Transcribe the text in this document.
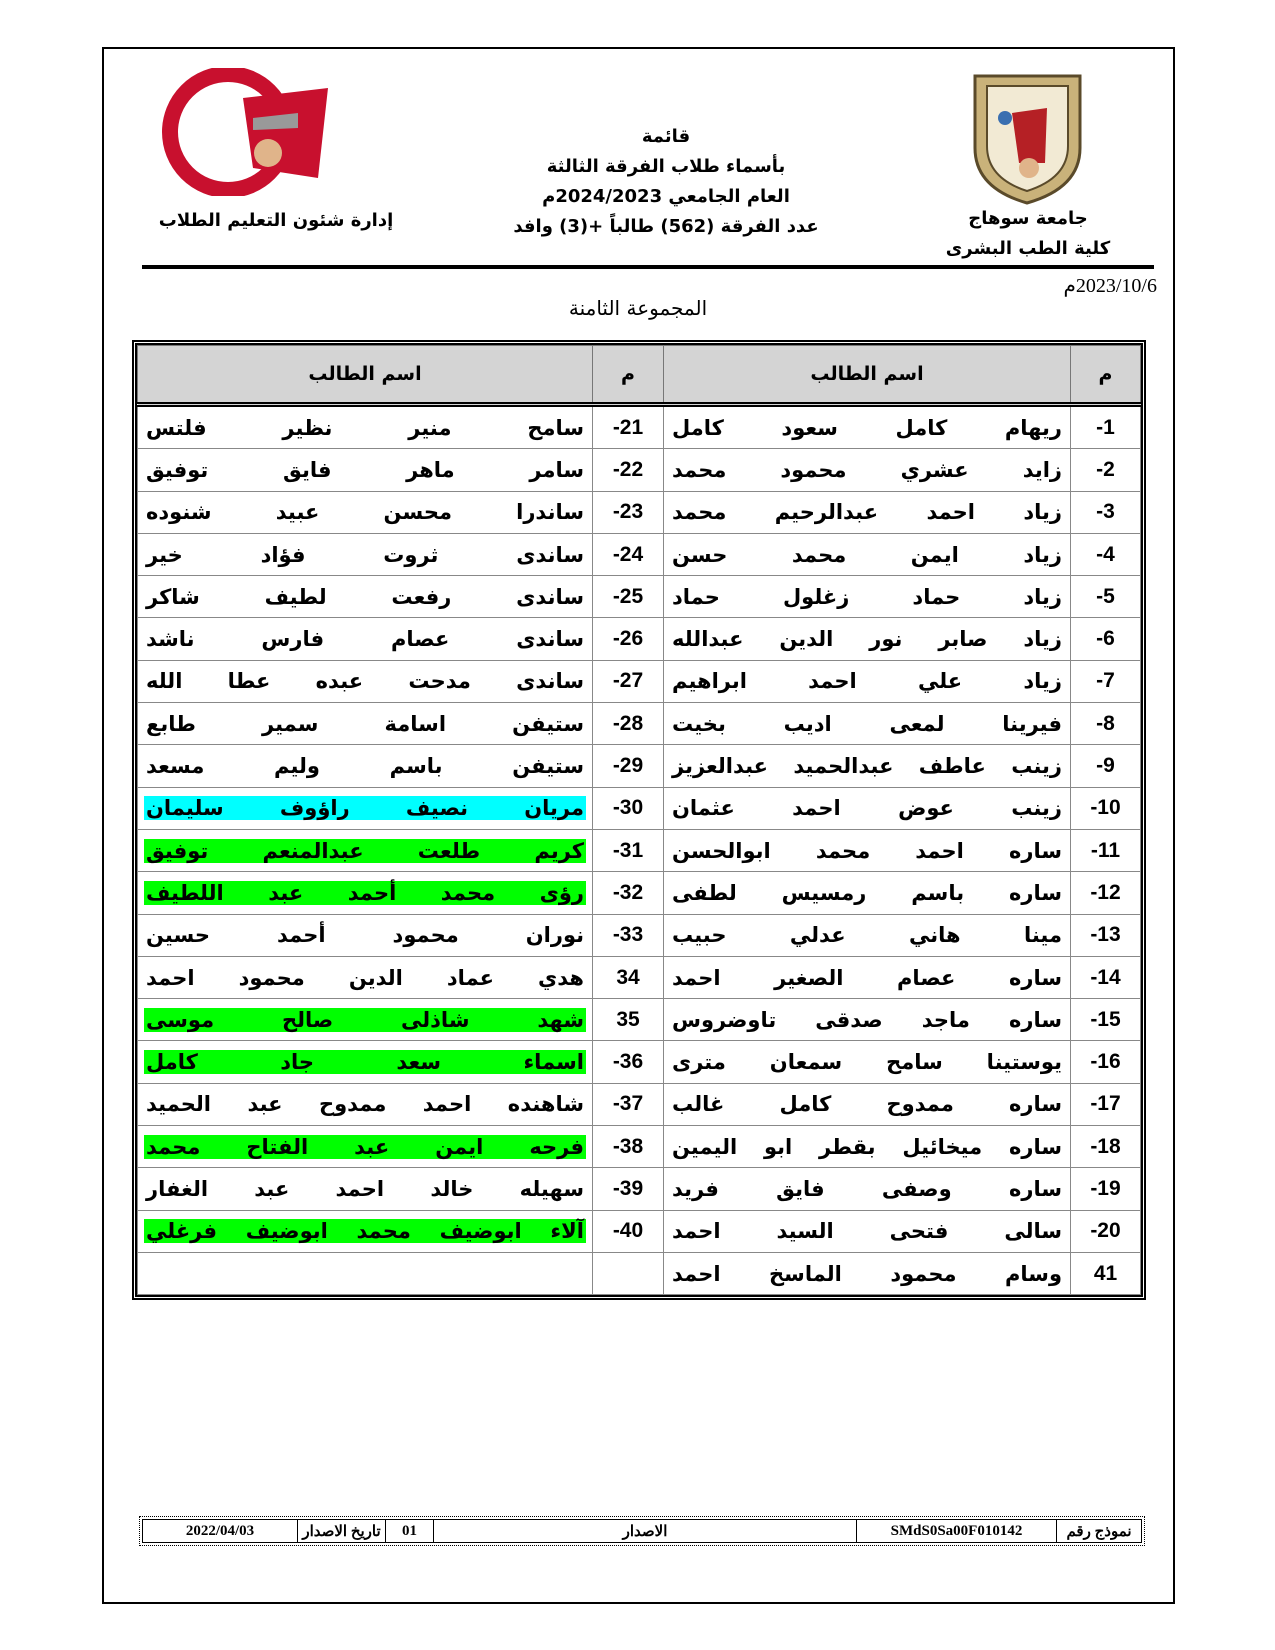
جامعة سوهاج
كلية الطب البشرى
إدارة شئون التعليم الطلاب
قائمة
بأسماء طلاب الفرقة الثالثة
العام الجامعي 2024/2023م
عدد الفرقة (562) طالباً +(3) وافد
2023/10/6م
المجموعة الثامنة
م	اسم الطالب	م	اسم الطالب
-1	ريهام كامل سعود كامل	-21	سامح منير نظير فلتس
-2	زايد عشري محمود محمد	-22	سامر ماهر فايق توفيق
-3	زياد احمد عبدالرحيم محمد	-23	ساندرا محسن عبيد شنوده
-4	زياد ايمن محمد حسن	-24	ساندى ثروت فؤاد خير
-5	زياد حماد زغلول حماد	-25	ساندى رفعت لطيف شاكر
-6	زياد صابر نور الدين عبدالله	-26	ساندى عصام فارس ناشد
-7	زياد علي احمد ابراهيم	-27	ساندى مدحت عبده عطا الله
-8	فيرينا لمعى اديب بخيت	-28	ستيفن اسامة سمير طابع
-9	زينب عاطف عبدالحميد عبدالعزيز	-29	ستيفن باسم وليم مسعد
-10	زينب عوض احمد عثمان	-30	مريان نصيف راؤوف سليمان

-11	ساره احمد محمد ابوالحسن	-31	كريم طلعت عبدالمنعم توفيق

-12	ساره باسم رمسيس لطفى	-32	رؤى محمد أحمد عبد اللطيف

-13	مينا هاني عدلي حبيب	-33	نوران محمود أحمد حسين
-14	ساره عصام الصغير احمد	34	هدي عماد الدين محمود احمد
-15	ساره ماجد صدقى تاوضروس	35	شهد شاذلى صالح موسى

-16	يوستينا سامح سمعان مترى	-36	اسماء سعد جاد كامل

-17	ساره ممدوح كامل غالب	-37	شاهنده احمد ممدوح عبد الحميد
-18	ساره ميخائيل بقطر ابو اليمين	-38	فرحه ايمن عبد الفتاح محمد

-19	ساره وصفى فايق فريد	-39	سهيله خالد احمد عبد الغفار
-20	سالى فتحى السيد احمد	-40	آلاء ابوضيف محمد ابوضيف فرغلي

41	وسام محمود الماسخ احمد		
نموذج رقم	SMdS0Sa00F010142	الاصدار	01	تاريخ الاصدار	2022/04/03
